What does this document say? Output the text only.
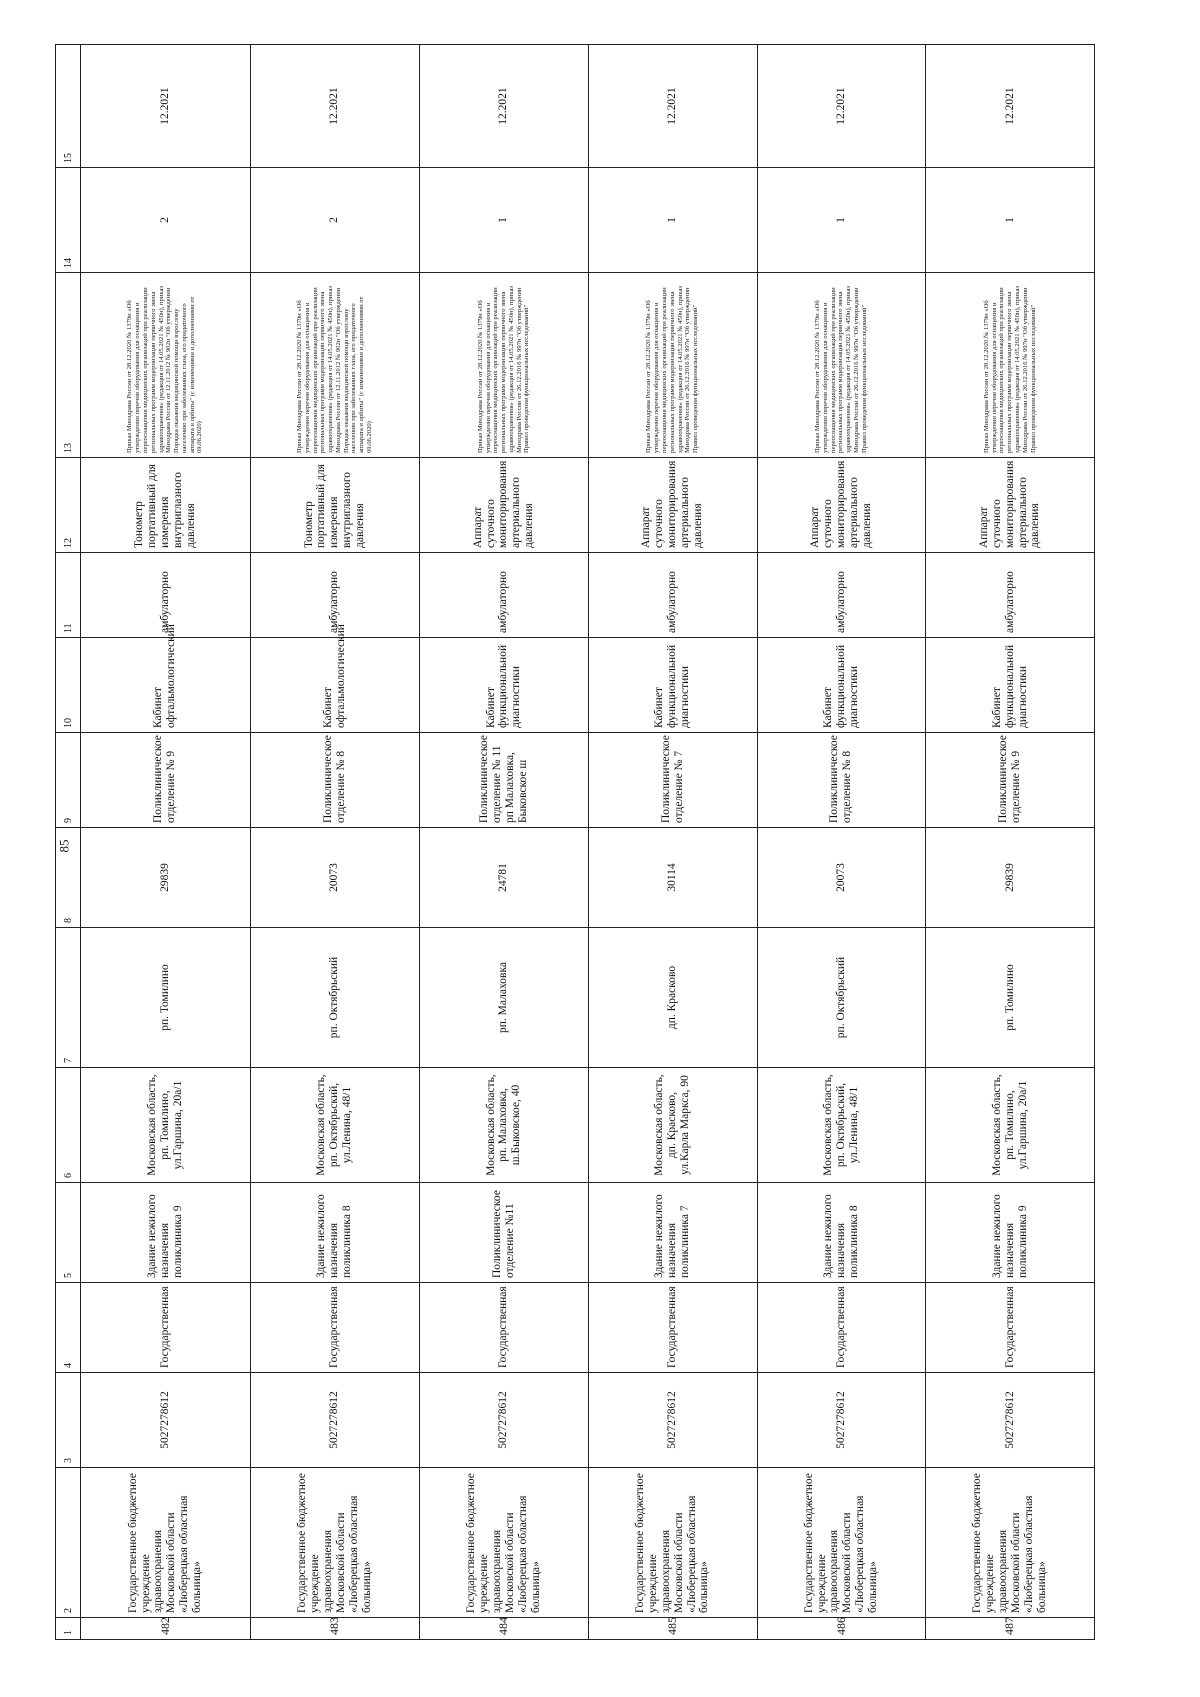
85
1	2	3	4	5	6	7	8	9	10	11	12	13	14	15
482	Государственное бюджетное учреждение здравоохранения Московской области «Люберецкая областная больница»	5027278612	Государственная	Здание нежилого назначения поликлиника 9	Московская область, рп. Томилино, ул.Гаршина, 20а/1	рп. Томилино	29839	Поликлиническое отделение № 9	Кабинет офтальмологический	амбулаторно	Тонометр портативный для измерения внутриглазного давления	Приказ Минздрава России от 28.12.2020 № 1379н «Об утверждении перечня оборудования для оснащения и переоснащения медицинских организаций при реализации региональных программ модернизации первичного звена здравоохранения» (редакция от 14.05.2021 № 450н), приказ Минздрава России от 12.11.2012 № 902н "Об утверждении Порядка оказания медицинской помощи взрослому населению при заболеваниях глаза, его придаточного аппарата и орбиты" (с изменениями и дополнениями от 09.06.2020)	2	12.2021
483	Государственное бюджетное учреждение здравоохранения Московской области «Люберецкая областная больница»	5027278612	Государственная	Здание нежилого назначения поликлиника 8	Московская область, рп. Октябрьский, ул.Ленина, 48/1	рп. Октябрьский	20073	Поликлиническое отделение № 8	Кабинет офтальмологический	амбулаторно	Тонометр портативный для измерения внутриглазного давления	Приказ Минздрава России от 28.12.2020 № 1379н «Об утверждении перечня оборудования для оснащения и переоснащения медицинских организаций при реализации региональных программ модернизации первичного звена здравоохранения» (редакция от 14.05.2021 № 450н), приказ Минздрава России от 12.11.2012 № 902н "Об утверждении Порядка оказания медицинской помощи взрослому населению при заболеваниях глаза, его придаточного аппарата и орбиты" (с изменениями и дополнениями от 09.06.2020)	2	12.2021
484	Государственное бюджетное учреждение здравоохранения Московской области «Люберецкая областная больница»	5027278612	Государственная	Поликлиническое отделение №11	Московская область, рп. Малаховка, ш.Быковское, 40	рп. Малаховка	24781	Поликлиническое отделение № 11 рп Малаховка, Быковское ш	Кабинет функциональной диагностики	амбулаторно	Аппарат суточного мониторирования артериального давления	Приказ Минздрава России от 28.12.2020 № 1379н «Об утверждении перечня оборудования для оснащения и переоснащения медицинских организаций при реализации региональных программ модернизации первичного звена здравоохранения» (редакция от 14.05.2021 № 450н), приказ Минздрава России от 26.12.2016 № 997н "Об утверждении Правил проведения функциональных исследований"	1	12.2021
485	Государственное бюджетное учреждение здравоохранения Московской области «Люберецкая областная больница»	5027278612	Государственная	Здание нежилого назначения поликлиника 7	Московская область, дп. Красково, ул.Карла Маркса, 90	дп. Красково	30114	Поликлиническое отделение № 7	Кабинет функциональной диагностики	амбулаторно	Аппарат суточного мониторирования артериального давления	Приказ Минздрава России от 28.12.2020 № 1379н «Об утверждении перечня оборудования для оснащения и переоснащения медицинских организаций при реализации региональных программ модернизации первичного звена здравоохранения» (редакция от 14.05.2021 № 450н), приказ Минздрава России от 26.12.2016 № 997н "Об утверждении Правил проведения функциональных исследований"	1	12.2021
486	Государственное бюджетное учреждение здравоохранения Московской области «Люберецкая областная больница»	5027278612	Государственная	Здание нежилого назначения поликлиника 8	Московская область, рп. Октябрьский, ул.Ленина, 48/1	рп. Октябрьский	20073	Поликлиническое отделение № 8	Кабинет функциональной диагностики	амбулаторно	Аппарат суточного мониторирования артериального давления	Приказ Минздрава России от 28.12.2020 № 1379н «Об утверждении перечня оборудования для оснащения и переоснащения медицинских организаций при реализации региональных программ модернизации первичного звена здравоохранения» (редакция от 14.05.2021 № 450н), приказ Минздрава России от 26.12.2016 № 997н "Об утверждении Правил проведения функциональных исследований"	1	12.2021
487	Государственное бюджетное учреждение здравоохранения Московской области «Люберецкая областная больница»	5027278612	Государственная	Здание нежилого назначения поликлиника 9	Московская область, рп. Томилино, ул.Гаршина, 20а/1	рп. Томилино	29839	Поликлиническое отделение № 9	Кабинет функциональной диагностики	амбулаторно	Аппарат суточного мониторирования артериального давления	Приказ Минздрава России от 28.12.2020 № 1379н «Об утверждении перечня оборудования для оснащения и переоснащения медицинских организаций при реализации региональных программ модернизации первичного звена здравоохранения» (редакция от 14.05.2021 № 450н), приказ Минздрава России от 26.12.2016 № 997н "Об утверждении Правил проведения функциональных исследований"	1	12.2021
